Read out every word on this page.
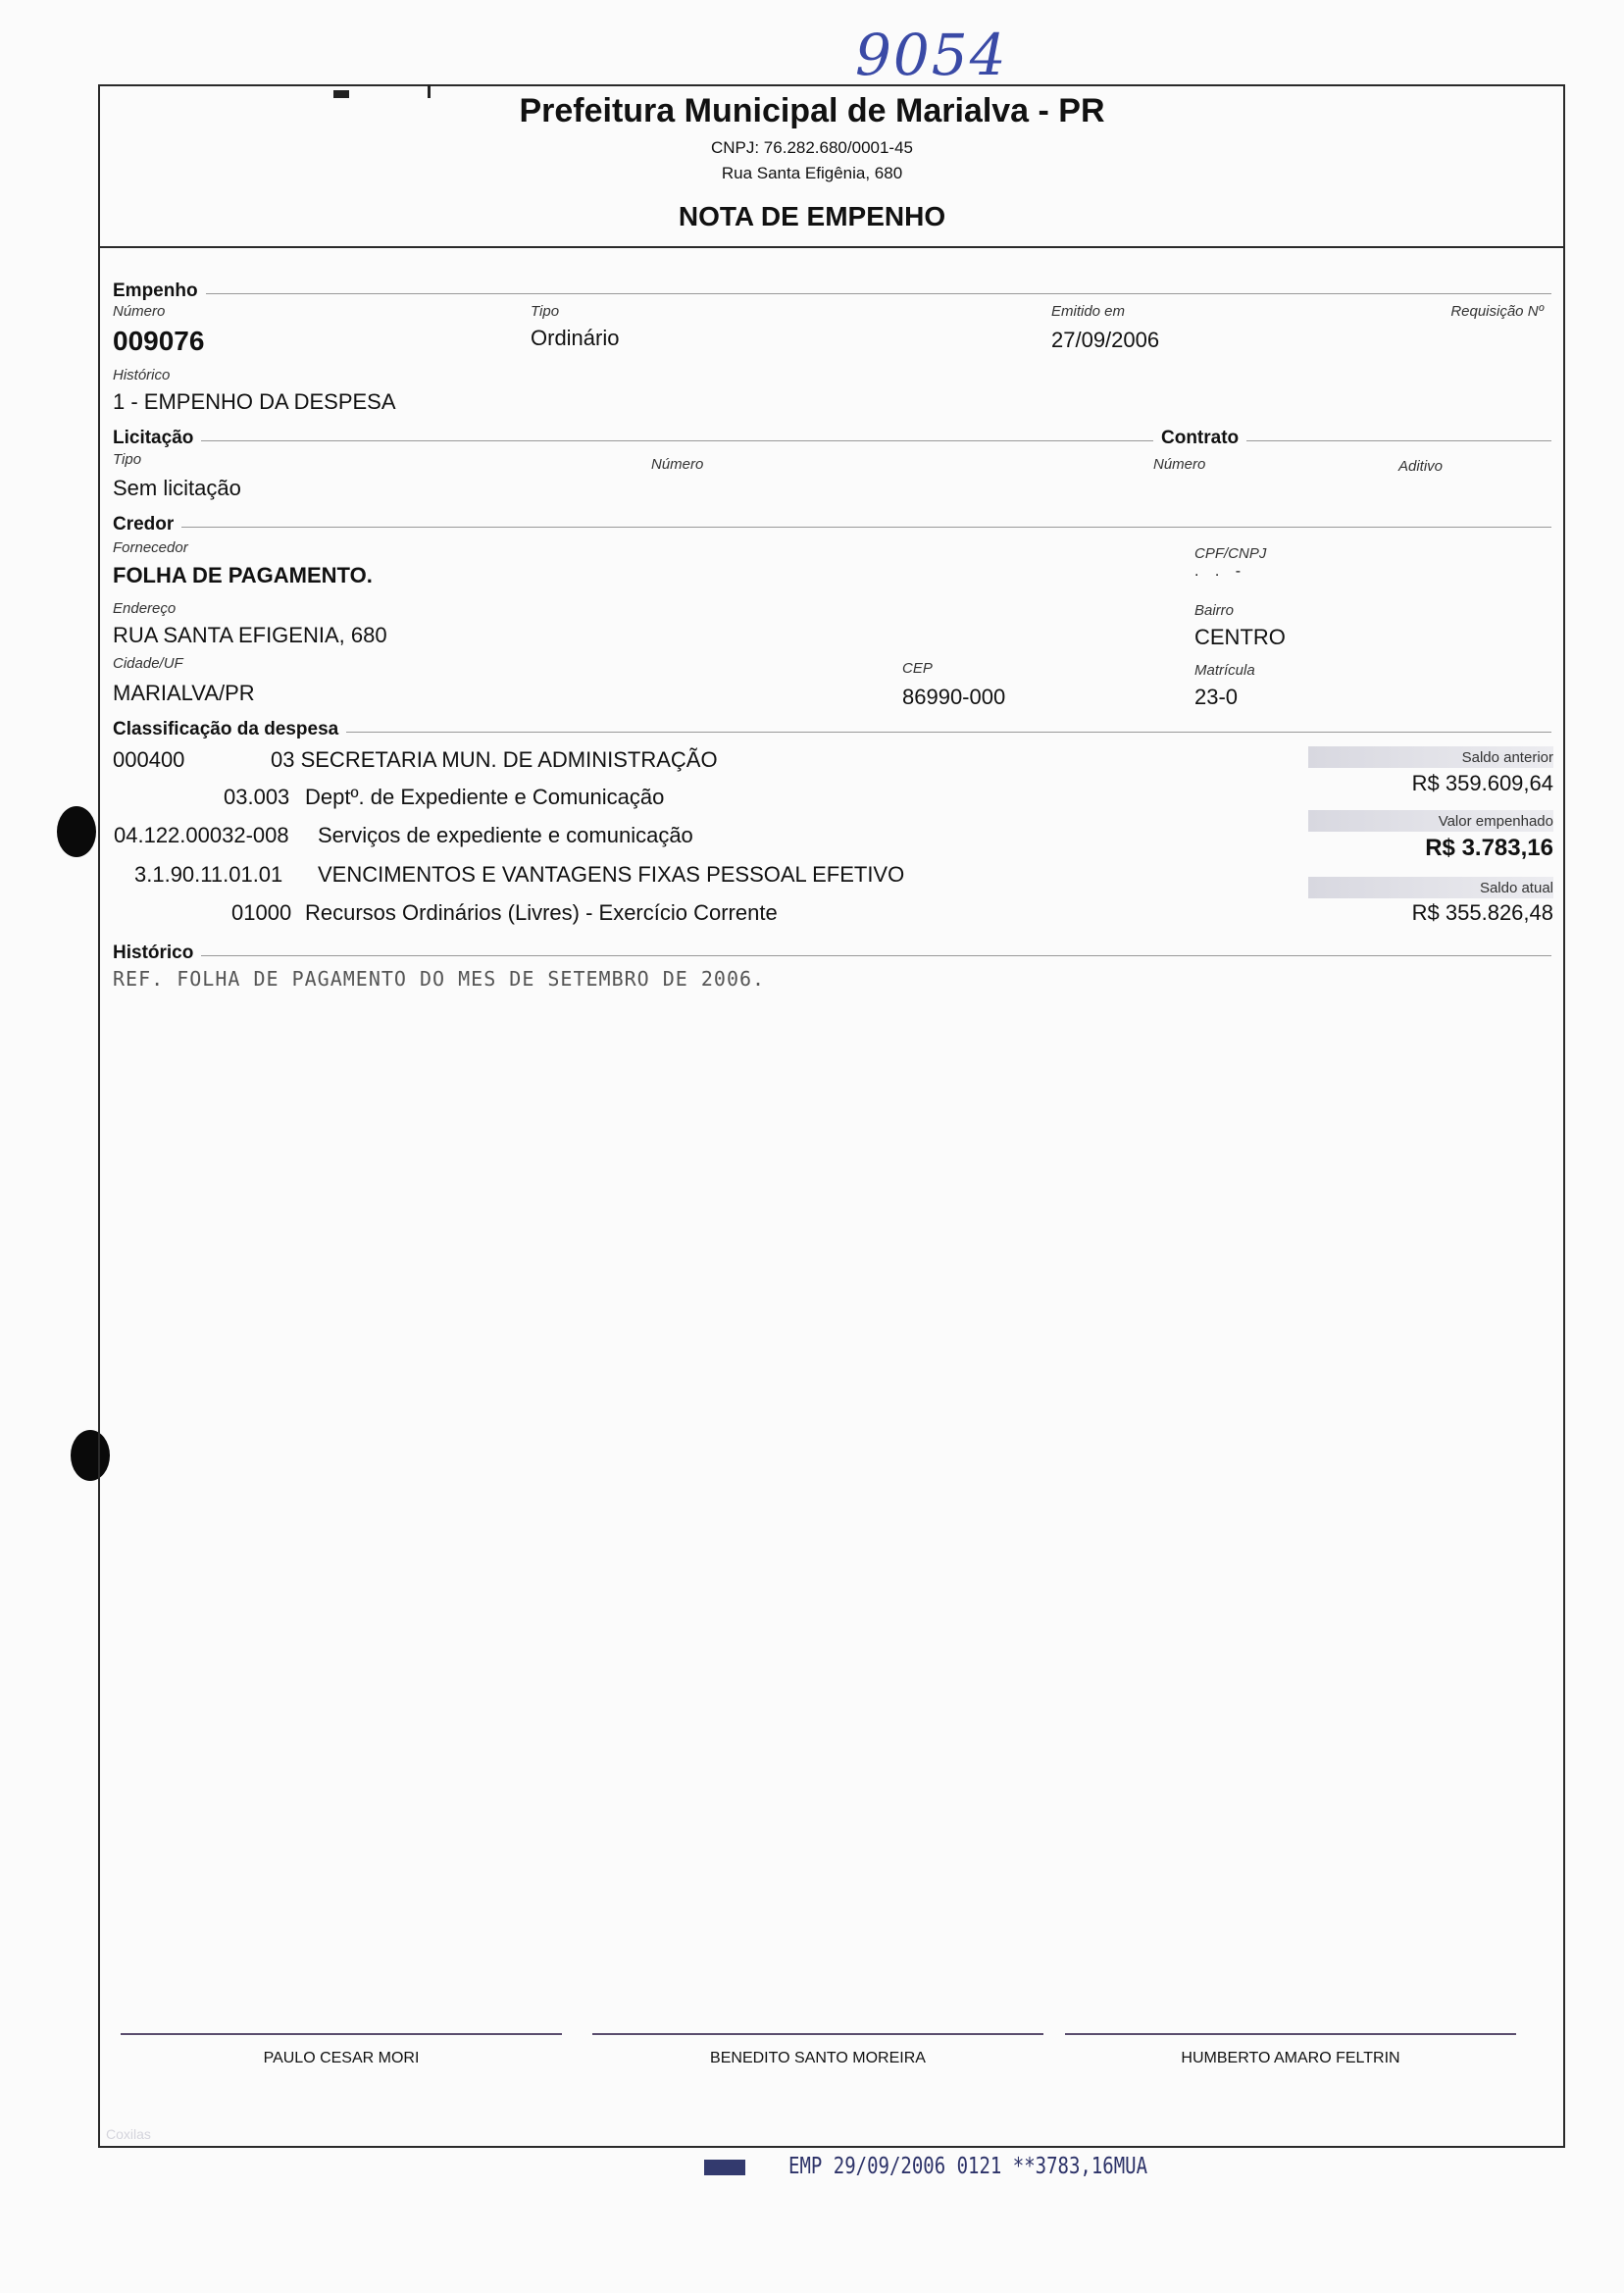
9054
Prefeitura Municipal de Marialva - PR
CNPJ: 76.282.680/0001-45
Rua Santa Efigênia, 680
NOTA DE EMPENHO
Empenho
Número
009076
Tipo
Ordinário
Emitido em
27/09/2006
Requisição Nº
Histórico
1 - EMPENHO DA DESPESA
Licitação	Contrato
Tipo
Sem licitação
Número	Número	Aditivo
Credor
Fornecedor
FOLHA DE PAGAMENTO.
CPF/CNPJ
. . -
Endereço
RUA SANTA EFIGENIA, 680
Bairro
CENTRO
Cidade/UF
MARIALVA/PR
CEP
86990-000
Matrícula
23-0
Classificação da despesa
000400	03 SECRETARIA MUN. DE ADMINISTRAÇÃO
03.003 Deptº. de Expediente e Comunicação
04.122.00032-008 Serviços de expediente e comunicação
3.1.90.11.01.01 VENCIMENTOS E VANTAGENS FIXAS PESSOAL EFETIVO
01000 Recursos Ordinários (Livres) - Exercício Corrente
Saldo anterior
R$ 359.609,64
Valor empenhado
R$ 3.783,16
Saldo atual
R$ 355.826,48
Histórico
REF. FOLHA DE PAGAMENTO DO MES DE SETEMBRO DE 2006.
PAULO CESAR MORI	BENEDITO SANTO MOREIRA	HUMBERTO AMARO FELTRIN
Coxilas
EMP 29/09/2006 0121 **3783,16MUA
